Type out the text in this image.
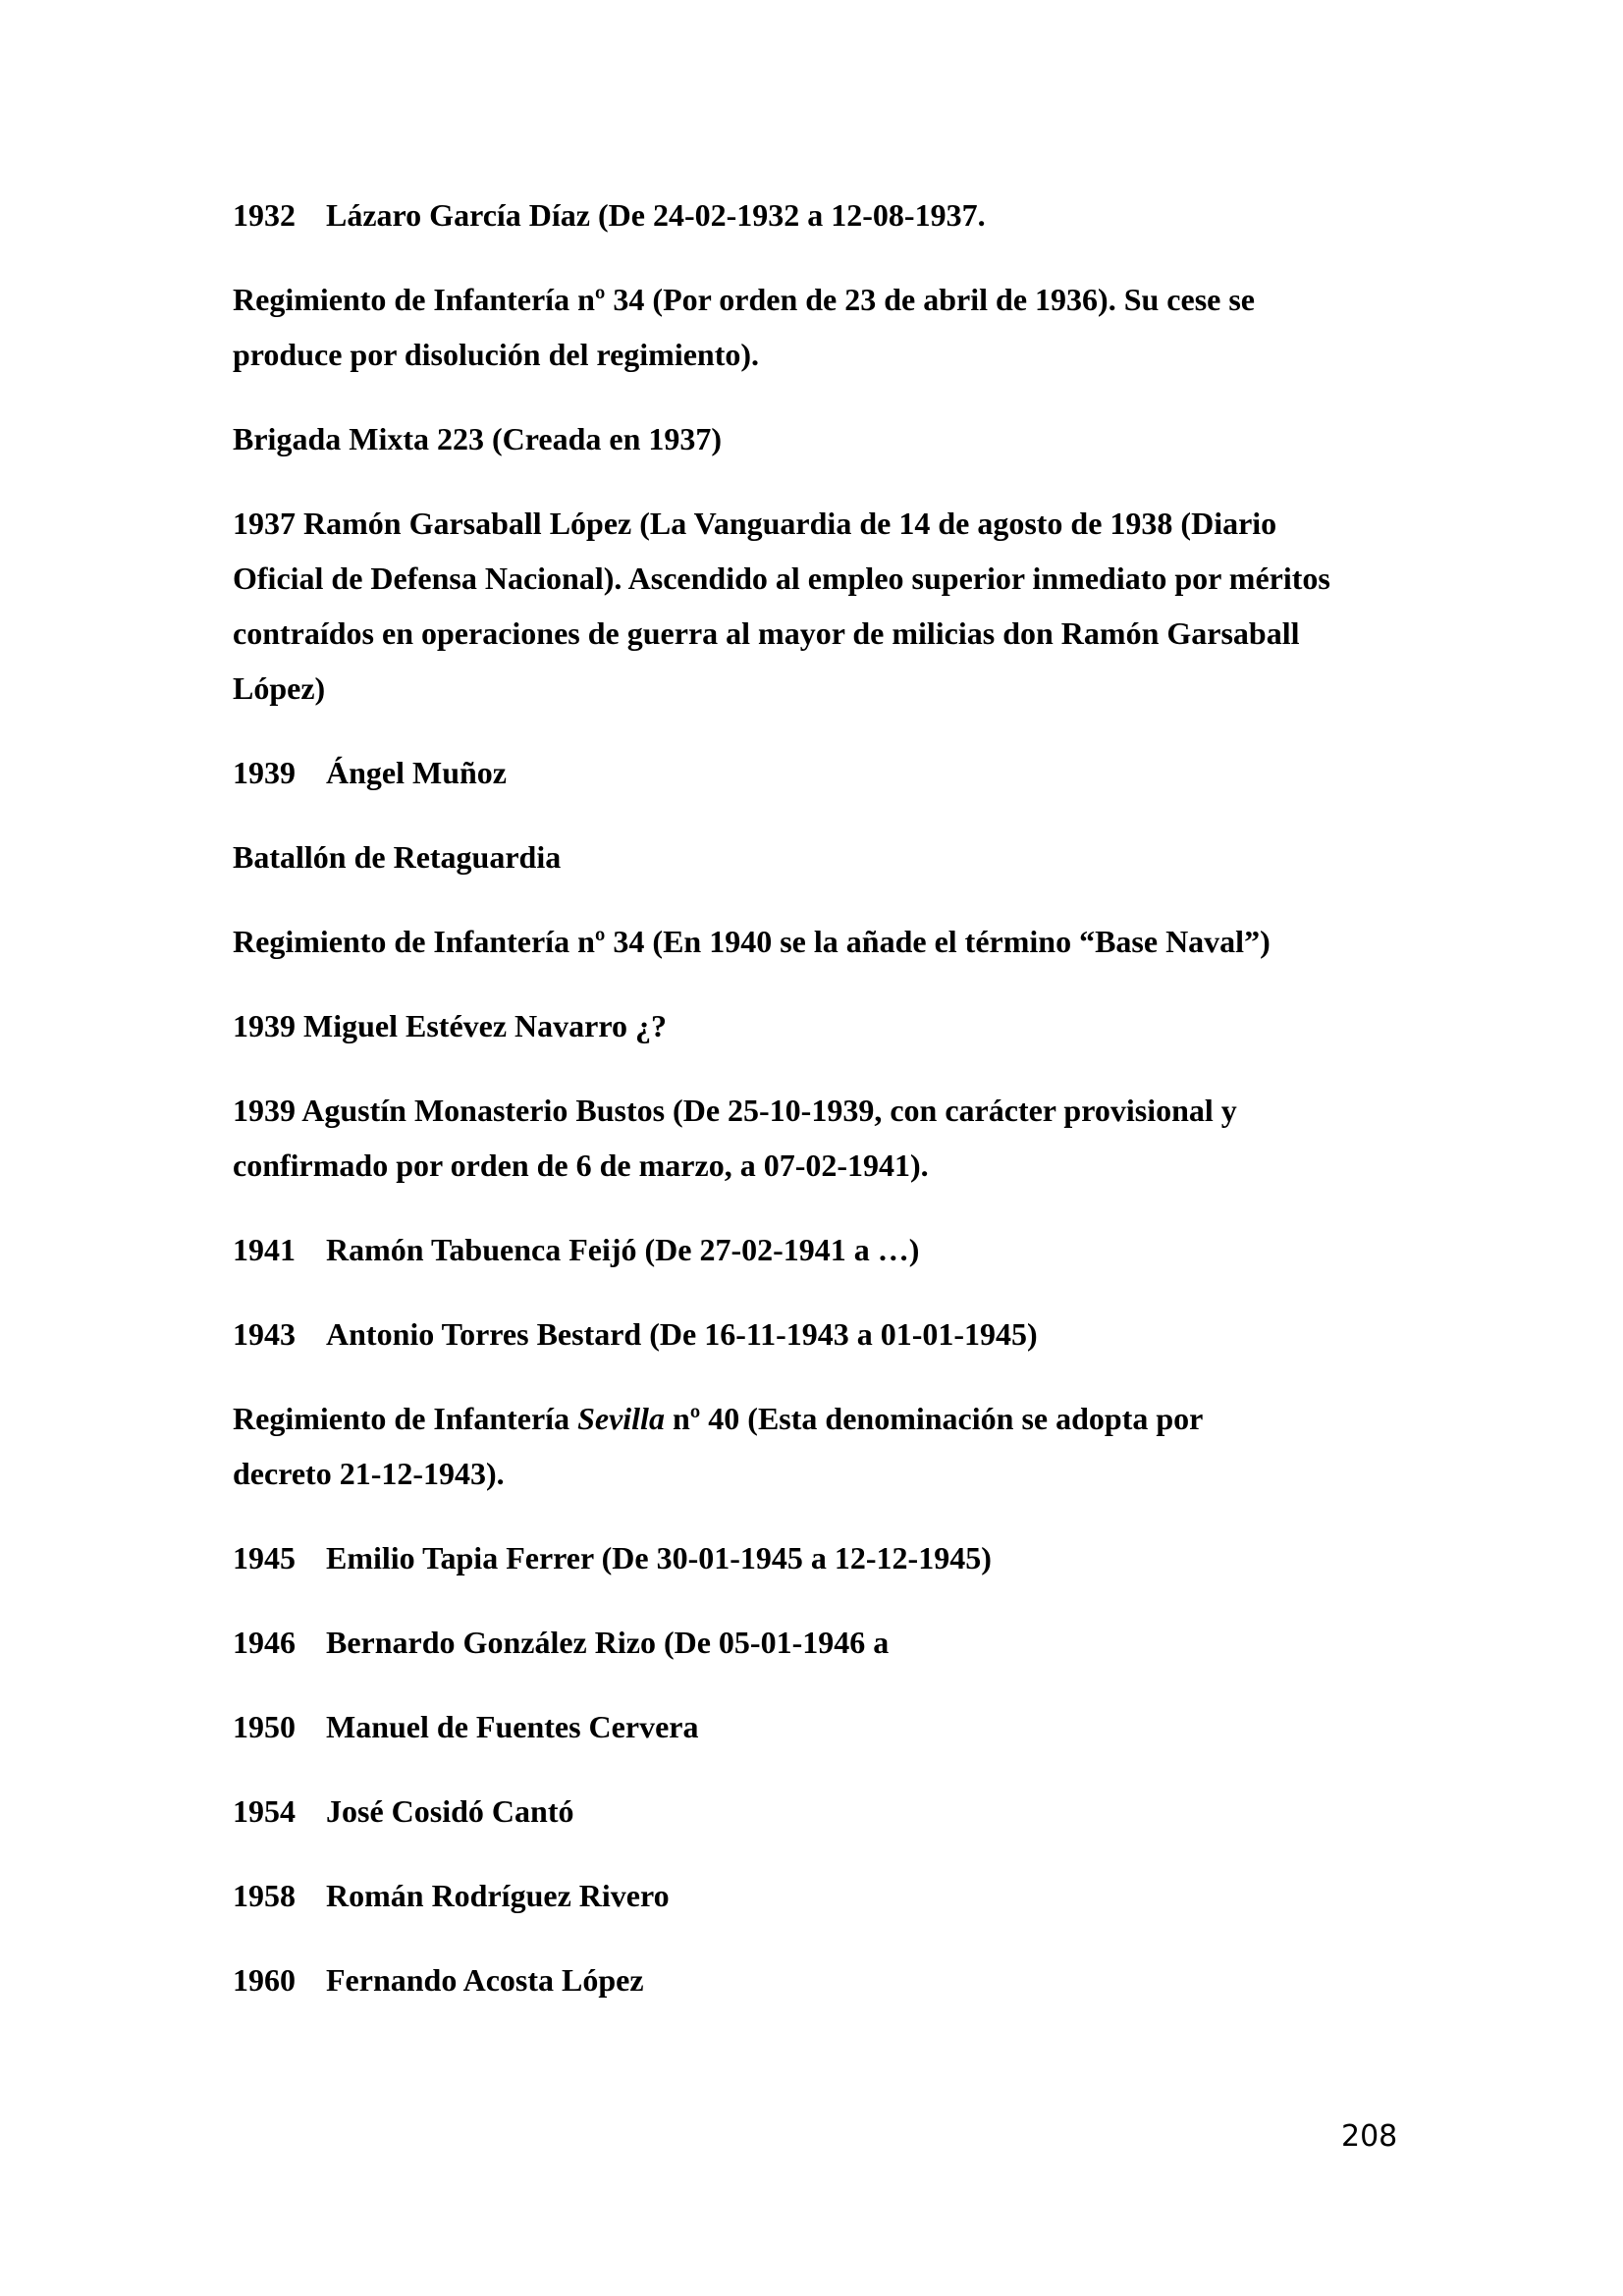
1932 Lázaro García Díaz (De 24-02-1932 a 12-08-1937.
Regimiento de Infantería nº 34 (Por orden de 23 de abril de 1936). Su cese se
produce por disolución del regimiento).
Brigada Mixta 223 (Creada en 1937)
1937 Ramón Garsaball López (La Vanguardia de 14 de agosto de 1938 (Diario
Oficial de Defensa Nacional). Ascendido al empleo superior inmediato por méritos
contraídos en operaciones de guerra al mayor de milicias don Ramón Garsaball
López)
1939 Ángel Muñoz
Batallón de Retaguardia
Regimiento de Infantería nº 34 (En 1940 se la añade el término “Base Naval”)
1939 Miguel Estévez Navarro ¿?
1939 Agustín Monasterio Bustos (De 25-10-1939, con carácter provisional y
confirmado por orden de 6 de marzo, a 07-02-1941).
1941 Ramón Tabuenca Feijó (De 27-02-1941 a …)
1943 Antonio Torres Bestard (De 16-11-1943 a 01-01-1945)
Regimiento de Infantería Sevilla nº 40 (Esta denominación se adopta por
decreto 21-12-1943).
1945 Emilio Tapia Ferrer (De 30-01-1945 a 12-12-1945)
1946 Bernardo González Rizo (De 05-01-1946 a
1950 Manuel de Fuentes Cervera
1954 José Cosidó Cantó
1958 Román Rodríguez Rivero
1960 Fernando Acosta López
208
